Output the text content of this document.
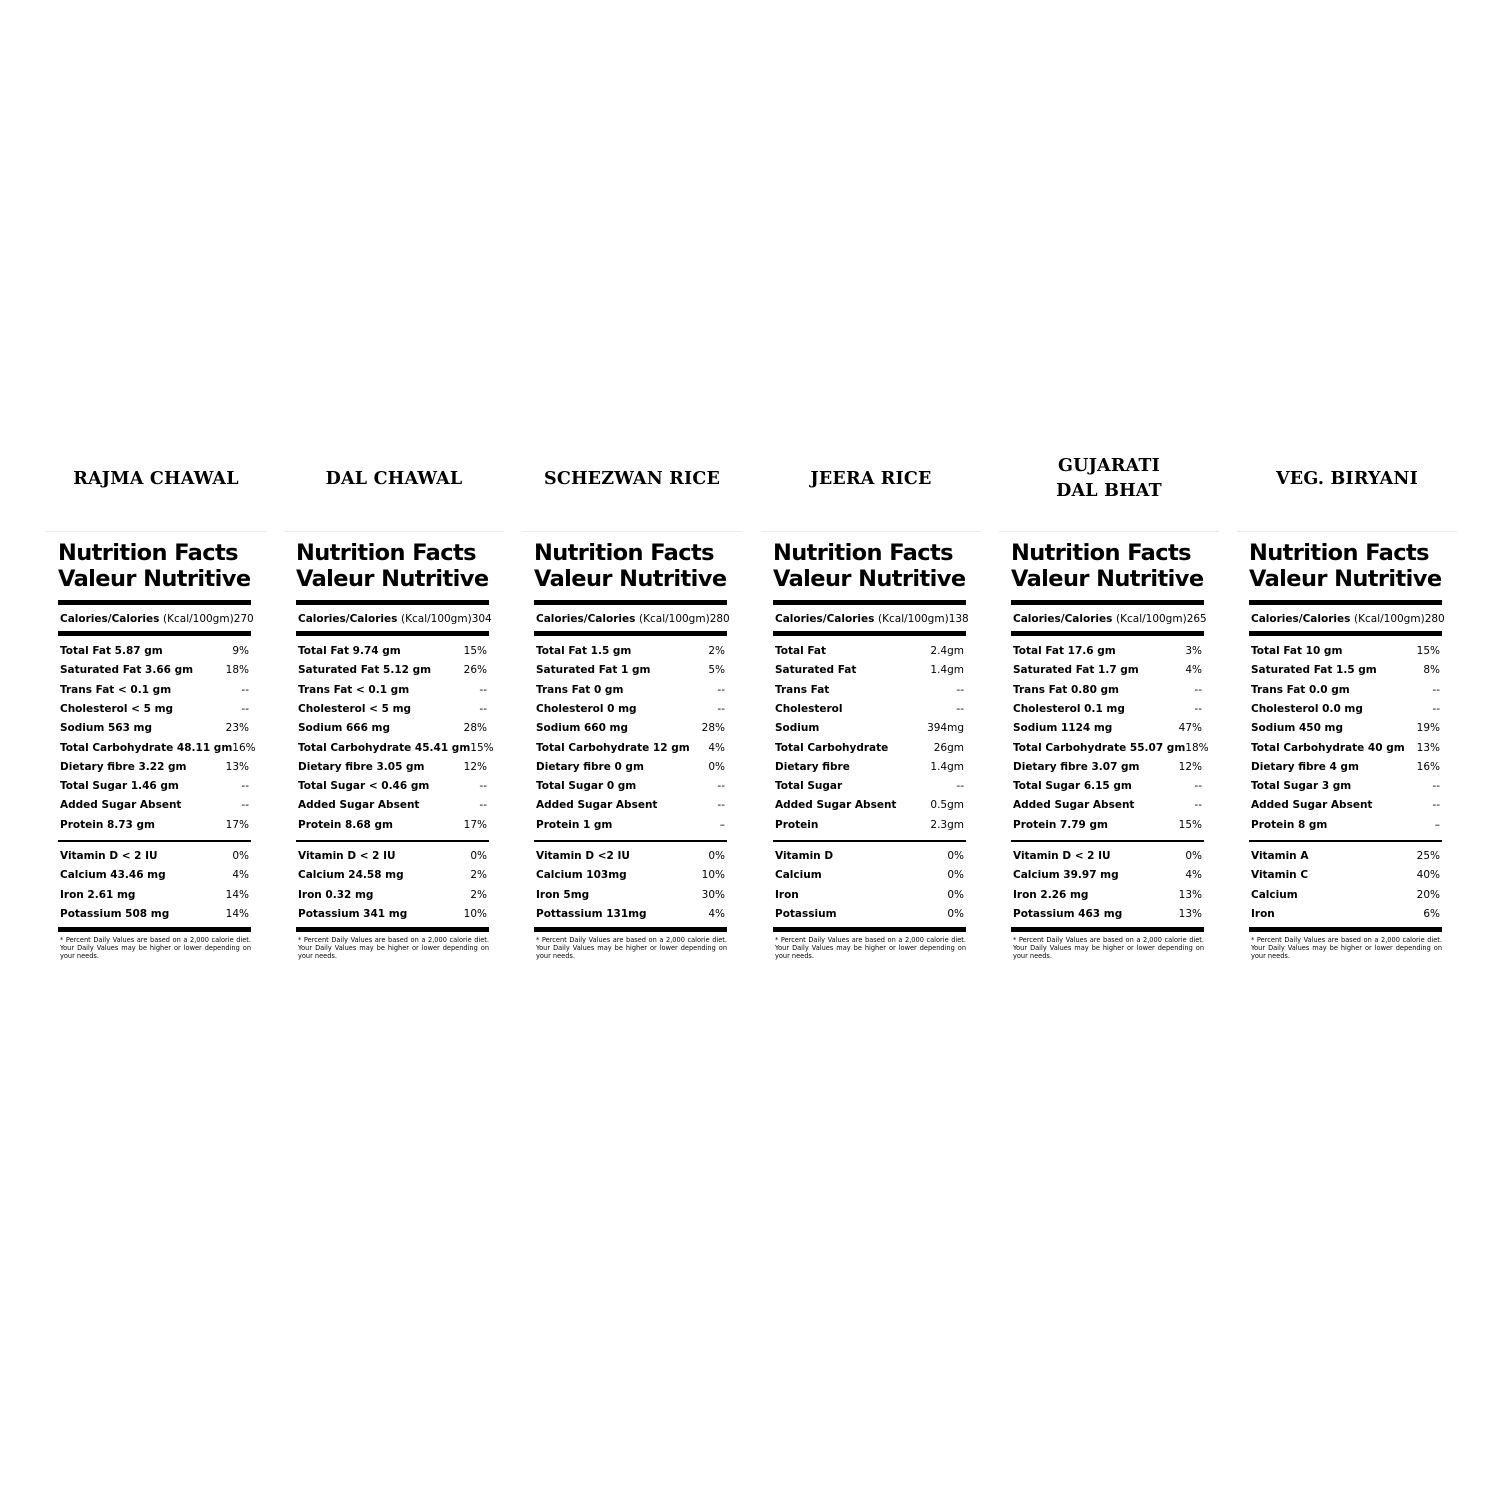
RAJMA CHAWAL
Nutrition Facts
Valeur Nutritive
Calories/Calories (Kcal/100gm) 270
Total Fat 5.87 gm	9%
Saturated Fat 3.66 gm	18%
Trans Fat < 0.1 gm	--
Cholesterol < 5 mg	--
Sodium 563 mg	23%
Total Carbohydrate 48.11 gm 16%
Dietary fibre 3.22 gm	13%
Total Sugar 1.46 gm	--
Added Sugar Absent	--
Protein 8.73 gm	17%
Vitamin D < 2 IU	0%
Calcium 43.46 mg	4%
Iron 2.61 mg	14%
Potassium 508 mg	14%
* Percent Daily Values are based on a 2,000 calorie diet. Your Daily Values may be higher or lower depending on your needs.
DAL CHAWAL
Nutrition Facts
Valeur Nutritive
Calories/Calories (Kcal/100gm) 304
Total Fat 9.74 gm	15%
Saturated Fat 5.12 gm	26%
Trans Fat < 0.1 gm	--
Cholesterol < 5 mg	--
Sodium 666 mg	28%
Total Carbohydrate 45.41 gm 15%
Dietary fibre 3.05 gm	12%
Total Sugar < 0.46 gm	--
Added Sugar Absent	--
Protein 8.68 gm	17%
Vitamin D < 2 IU	0%
Calcium 24.58 mg	2%
Iron 0.32 mg	2%
Potassium 341 mg	10%
* Percent Daily Values are based on a 2,000 calorie diet. Your Daily Values may be higher or lower depending on your needs.
SCHEZWAN RICE
Nutrition Facts
Valeur Nutritive
Calories/Calories (Kcal/100gm) 280
Total Fat 1.5 gm	2%
Saturated Fat 1 gm	5%
Trans Fat 0 gm	--
Cholesterol 0 mg	--
Sodium 660 mg	28%
Total Carbohydrate 12 gm 4%
Dietary fibre 0 gm	0%
Total Sugar 0 gm	--
Added Sugar Absent	--
Protein 1 gm	–
Vitamin D <2 IU	0%
Calcium 103mg	10%
Iron 5mg	30%
Pottassium 131mg	4%
* Percent Daily Values are based on a 2,000 calorie diet. Your Daily Values may be higher or lower depending on your needs.
JEERA RICE
Nutrition Facts
Valeur Nutritive
Calories/Calories (Kcal/100gm) 138
Total Fat	2.4gm
Saturated Fat	1.4gm
Trans Fat	--
Cholesterol	--
Sodium	394mg
Total Carbohydrate	26gm
Dietary fibre	1.4gm
Total Sugar	--
Added Sugar Absent	0.5gm
Protein	2.3gm
Vitamin D	0%
Calcium	0%
Iron	0%
Potassium	0%
* Percent Daily Values are based on a 2,000 calorie diet. Your Daily Values may be higher or lower depending on your needs.
GUJARATI
DAL BHAT
Nutrition Facts
Valeur Nutritive
Calories/Calories (Kcal/100gm) 265
Total Fat 17.6 gm	3%
Saturated Fat 1.7 gm	4%
Trans Fat 0.80 gm	--
Cholesterol 0.1 mg	--
Sodium 1124 mg	47%
Total Carbohydrate 55.07 gm 18%
Dietary fibre 3.07 gm	12%
Total Sugar 6.15 gm	--
Added Sugar Absent	--
Protein 7.79 gm	15%
Vitamin D < 2 IU	0%
Calcium 39.97 mg	4%
Iron 2.26 mg	13%
Potassium 463 mg	13%
* Percent Daily Values are based on a 2,000 calorie diet. Your Daily Values may be higher or lower depending on your needs.
VEG. BIRYANI
Nutrition Facts
Valeur Nutritive
Calories/Calories (Kcal/100gm) 280
Total Fat 10 gm	15%
Saturated Fat 1.5 gm	8%
Trans Fat 0.0 gm	--
Cholesterol 0.0 mg	--
Sodium 450 mg	19%
Total Carbohydrate 40 gm 13%
Dietary fibre 4 gm	16%
Total Sugar 3 gm	--
Added Sugar Absent	--
Protein 8 gm	–
Vitamin A	25%
Vitamin C	40%
Calcium	20%
Iron	6%
* Percent Daily Values are based on a 2,000 calorie diet. Your Daily Values may be higher or lower depending on your needs.
